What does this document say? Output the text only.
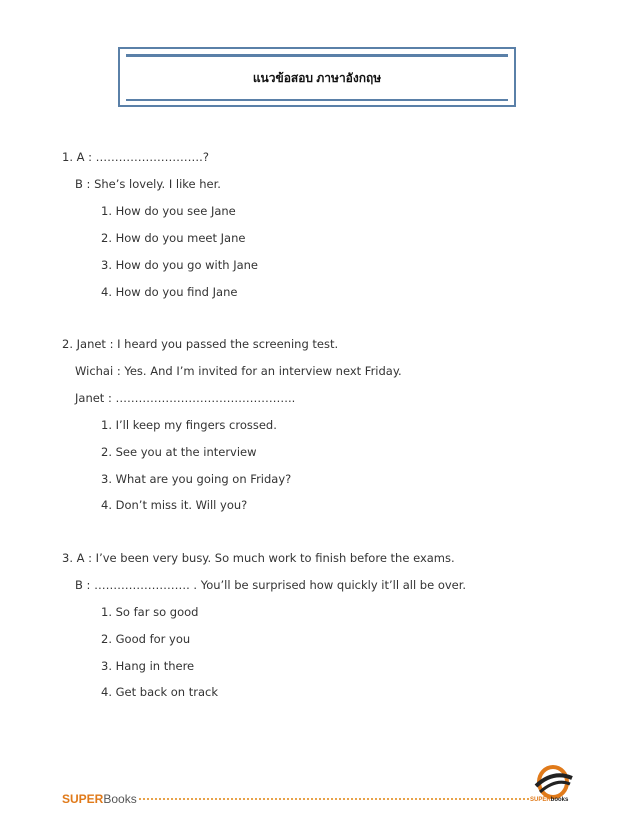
แนวข้อสอบ ภาษาอังกฤษ
1. A : ……………………….?
B : She’s lovely. I like her.
1. How do you see Jane
2. How do you meet Jane
3. How do you go with Jane
4. How do you find Jane
2. Janet : I heard you passed the screening test.
Wichai : Yes. And I’m invited for an interview next Friday.
Janet : ………………………………………..
1. I’ll keep my fingers crossed.
2. See you at the interview
3. What are you going on Friday?
4. Don’t miss it. Will you?
3. A : I’ve been very busy. So much work to finish before the exams.
B : ……………………. . You’ll be surprised how quickly it’ll all be over.
1. So far so good
2. Good for you
3. Hang in there
4. Get back on track
SUPERBooks	SUPERbooks
